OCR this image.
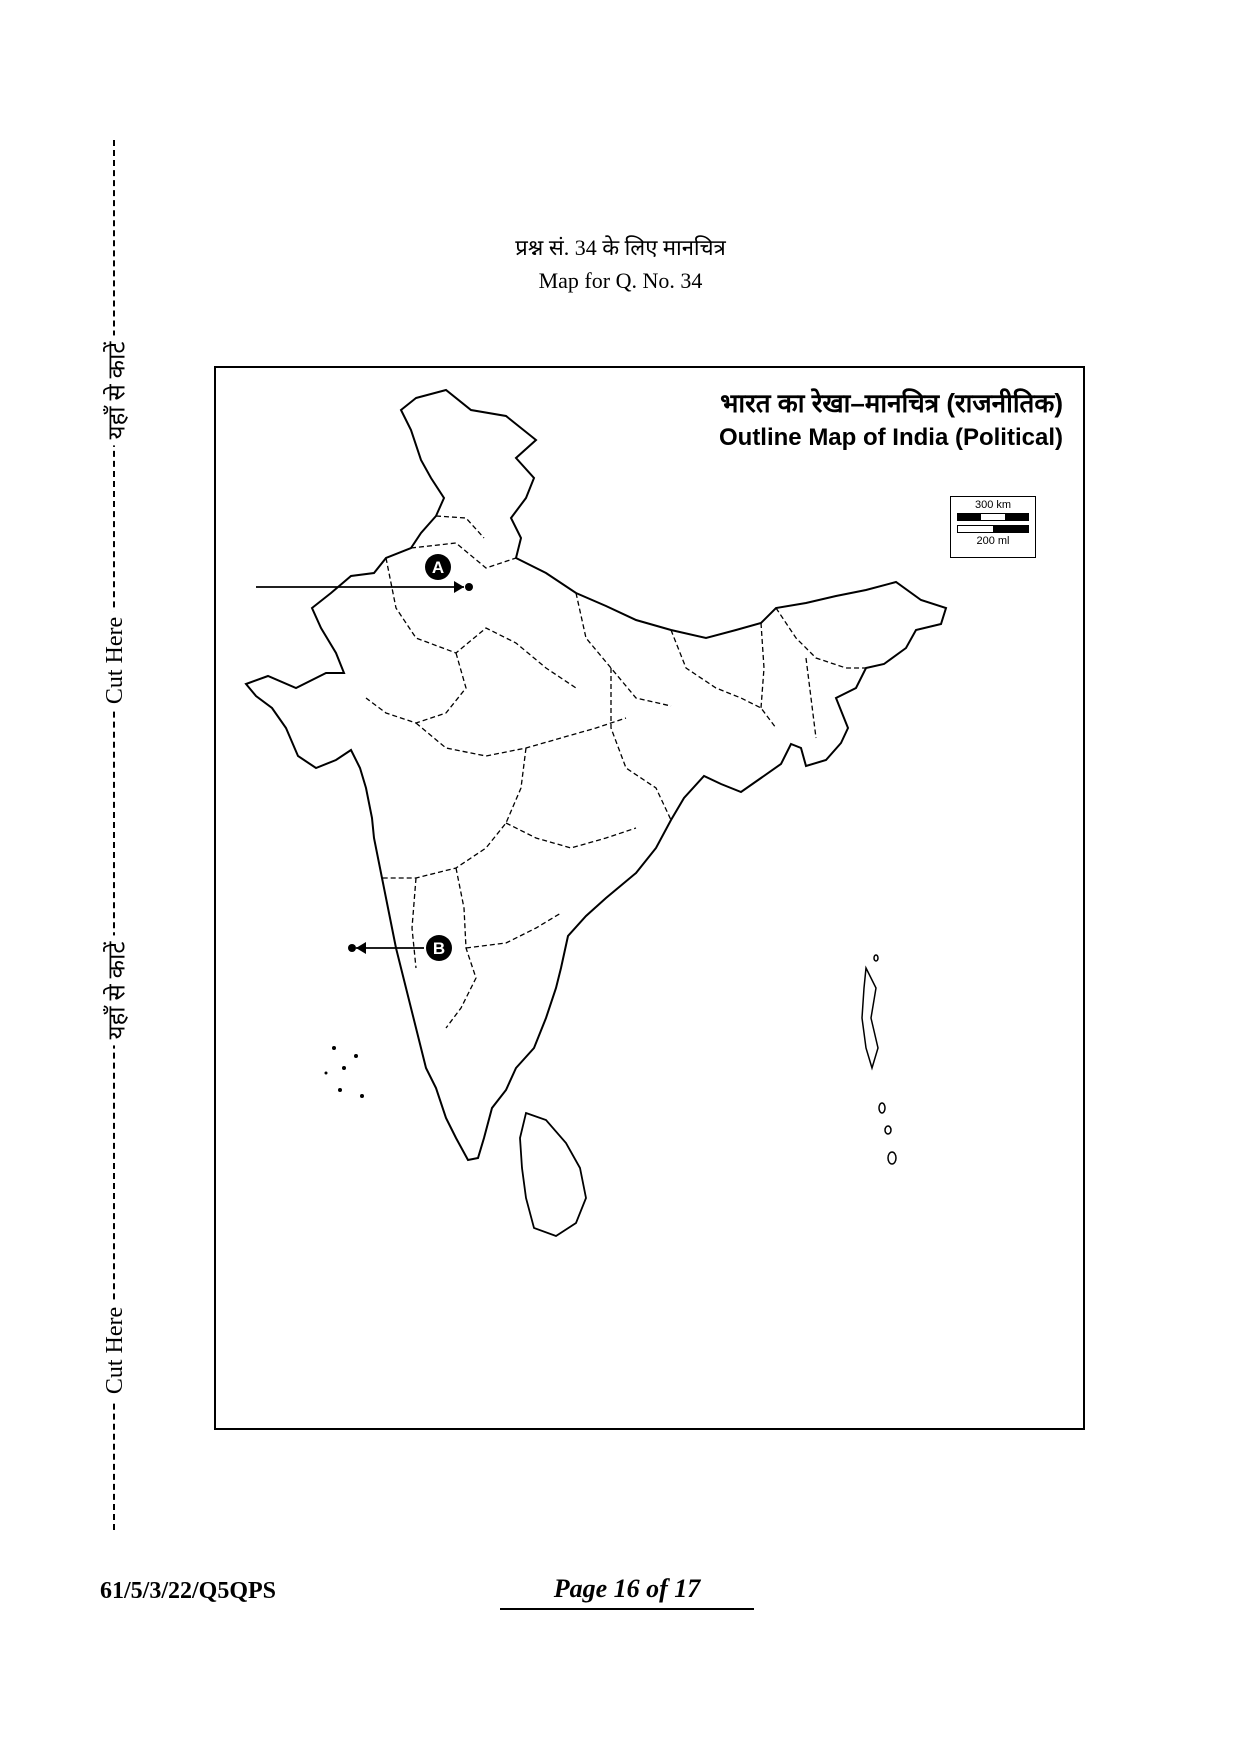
यहाँ से काटें
Cut Here
यहाँ से काटें
Cut Here
प्रश्न सं. 34 के लिए मानचित्र
Map for Q. No. 34
भारत का रेखा–मानचित्र (राजनीतिक)
Outline Map of India (Political)
300 km
200 ml
A
B
61/5/3/22/Q5QPS	Page 16 of 17
